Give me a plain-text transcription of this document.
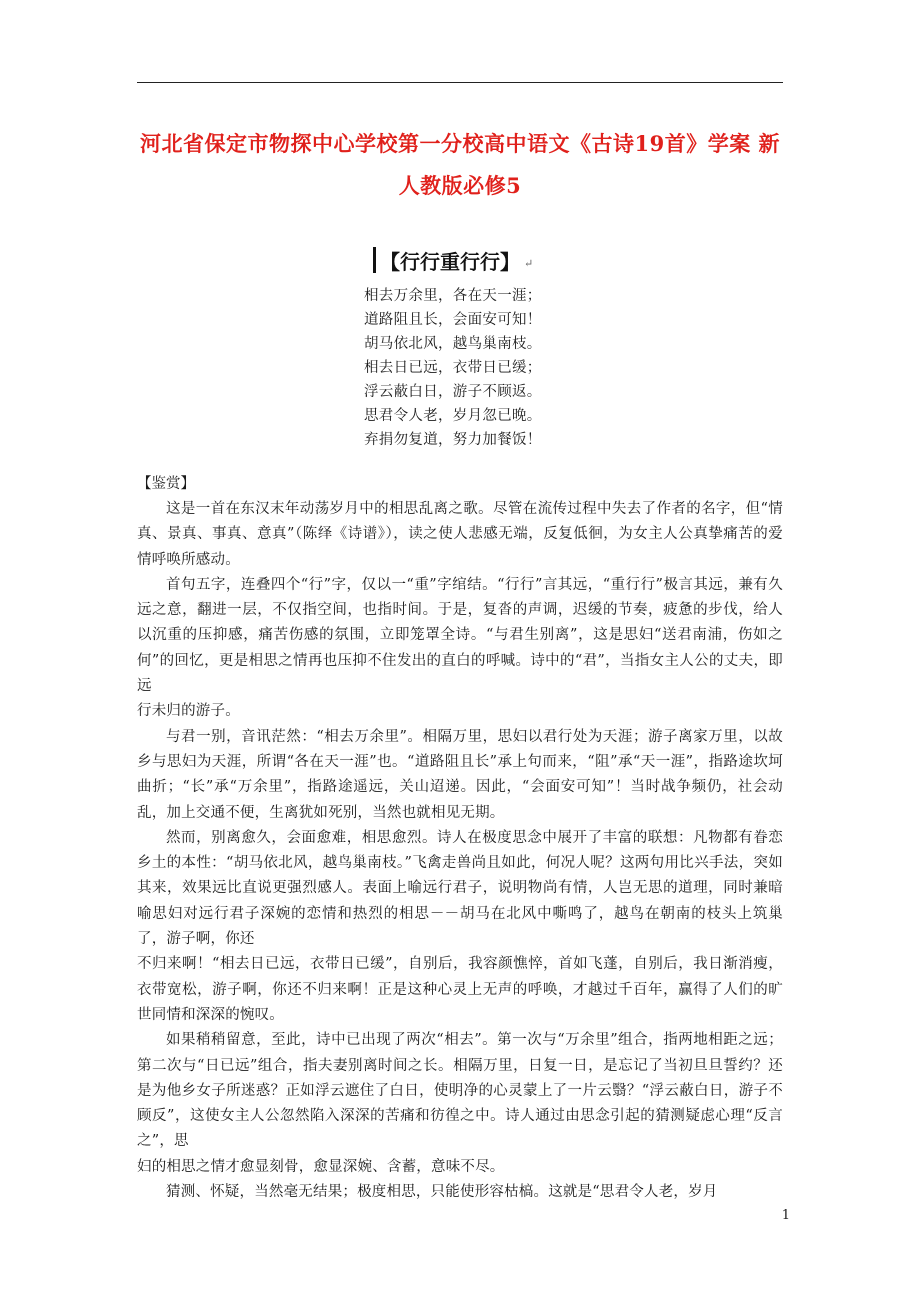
河北省保定市物探中心学校第一分校高中语文《古诗19首》学案 新
人教版必修5
【行行重行行】 ↵
相去万余里，各在天一涯；
道路阻且长，会面安可知！
胡马依北风，越鸟巢南枝。
相去日已远，衣带日已缓；
浮云蔽白日，游子不顾返。
思君令人老，岁月忽已晚。
弃捐勿复道，努力加餐饭！
【鉴赏】

这是一首在东汉末年动荡岁月中的相思乱离之歌。尽管在流传过程中失去了作者的名字，但“情真、景真、事真、意真”（陈绎《诗谱》），读之使人悲感无端，反复低徊，为女主人公真挚痛苦的爱情呼唤所感动。

首句五字，连叠四个“行”字，仅以一“重”字绾结。“行行”言其远，“重行行”极言其远，兼有久远之意，翻进一层，不仅指空间，也指时间。于是，复沓的声调，迟缓的节奏，疲惫的步伐，给人以沉重的压抑感，痛苦伤感的氛围，立即笼罩全诗。“与君生别离”，这是思妇“送君南浦，伤如之何”的回忆，更是相思之情再也压抑不住发出的直白的呼喊。诗中的“君”，当指女主人公的丈夫，即远

行未归的游子。

与君一别，音讯茫然：“相去万余里”。相隔万里，思妇以君行处为天涯；游子离家万里，以故乡与思妇为天涯，所谓“各在天一涯”也。“道路阻且长”承上句而来，“阻”承“天一涯”，指路途坎坷曲折；“长”承“万余里”，指路途遥远，关山迢递。因此，“会面安可知”！当时战争频仍，社会动乱，加上交通不便，生离犹如死别，当然也就相见无期。

然而，别离愈久，会面愈难，相思愈烈。诗人在极度思念中展开了丰富的联想：凡物都有眷恋乡土的本性：“胡马依北风，越鸟巢南枝。”飞禽走兽尚且如此，何况人呢？这两句用比兴手法，突如其来，效果远比直说更强烈感人。表面上喻远行君子，说明物尚有情，人岂无思的道理，同时兼暗喻思妇对远行君子深婉的恋情和热烈的相思－－胡马在北风中嘶鸣了，越鸟在朝南的枝头上筑巢了，游子啊，你还

不归来啊！“相去日已远，衣带日已缓”，自别后，我容颜憔悴，首如飞蓬，自别后，我日渐消瘦，衣带宽松，游子啊，你还不归来啊！正是这种心灵上无声的呼唤，才越过千百年，赢得了人们的旷世同情和深深的惋叹。

如果稍稍留意，至此，诗中已出现了两次“相去”。第一次与“万余里”组合，指两地相距之远；第二次与“日已远”组合，指夫妻别离时间之长。相隔万里，日复一日，是忘记了当初旦旦誓约？还是为他乡女子所迷惑？正如浮云遮住了白日，使明净的心灵蒙上了一片云翳？“浮云蔽白日，游子不顾反”，这使女主人公忽然陷入深深的苦痛和彷徨之中。诗人通过由思念引起的猜测疑虑心理“反言之”，思

妇的相思之情才愈显刻骨，愈显深婉、含蓄，意味不尽。

猜测、怀疑，当然毫无结果；极度相思，只能使形容枯槁。这就是“思君令人老，岁月

1
